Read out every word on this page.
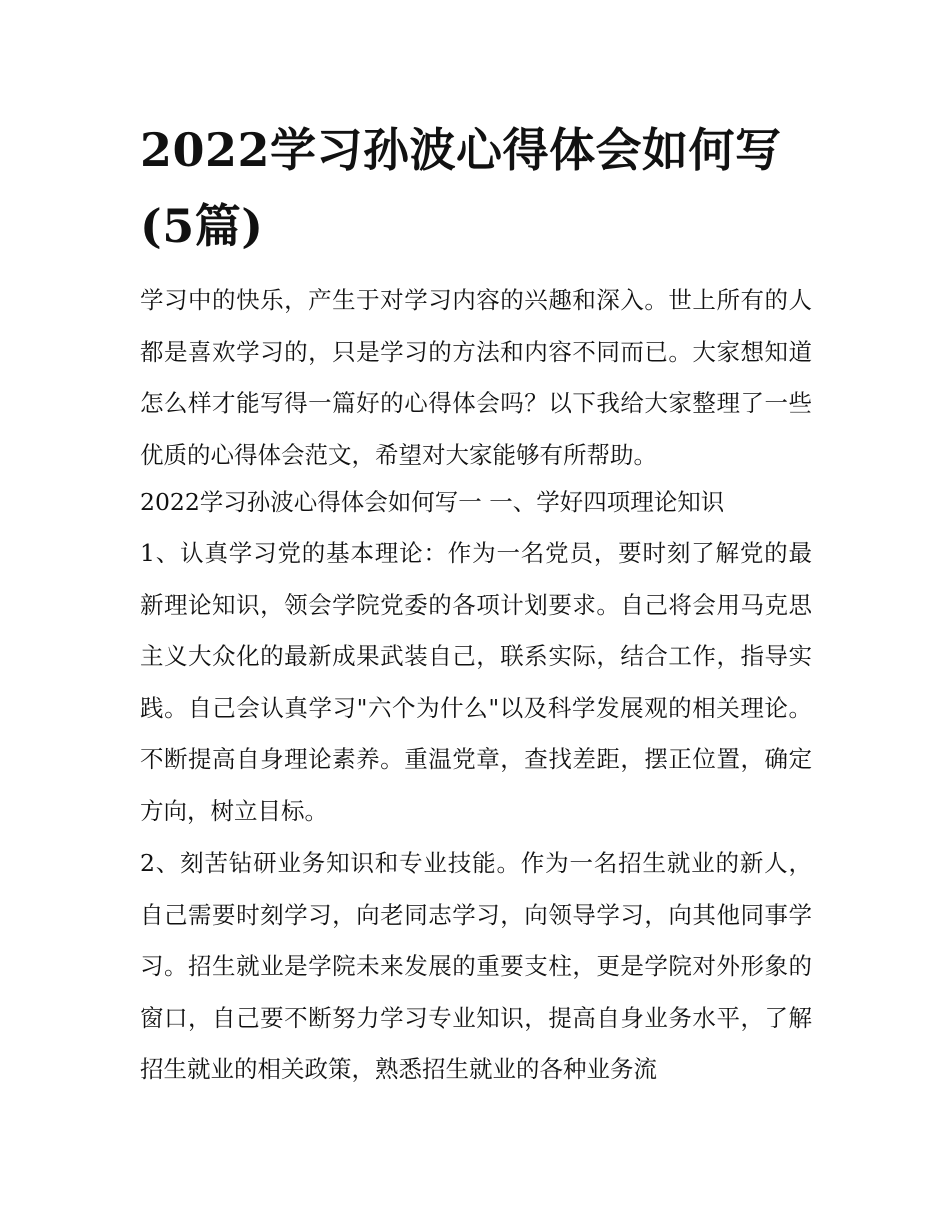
2022学习孙波心得体会如何写(5篇)

学习中的快乐，产生于对学习内容的兴趣和深入。世上所有的人都是喜欢学习的，只是学习的方法和内容不同而已。大家想知道怎么样才能写得一篇好的心得体会吗？以下我给大家整理了一些优质的心得体会范文，希望对大家能够有所帮助。

2022学习孙波心得体会如何写一 一、学好四项理论知识

1、认真学习党的基本理论：作为一名党员，要时刻了解党的最新理论知识，领会学院党委的各项计划要求。自己将会用马克思主义大众化的最新成果武装自己，联系实际，结合工作，指导实践。自己会认真学习"六个为什么"以及科学发展观的相关理论。不断提高自身理论素养。重温党章，查找差距，摆正位置，确定方向，树立目标。

2、刻苦钻研业务知识和专业技能。作为一名招生就业的新人，自己需要时刻学习，向老同志学习，向领导学习，向其他同事学习。招生就业是学院未来发展的重要支柱，更是学院对外形象的窗口，自己要不断努力学习专业知识，提高自身业务水平，了解招生就业的相关政策，熟悉招生就业的各种业务流
